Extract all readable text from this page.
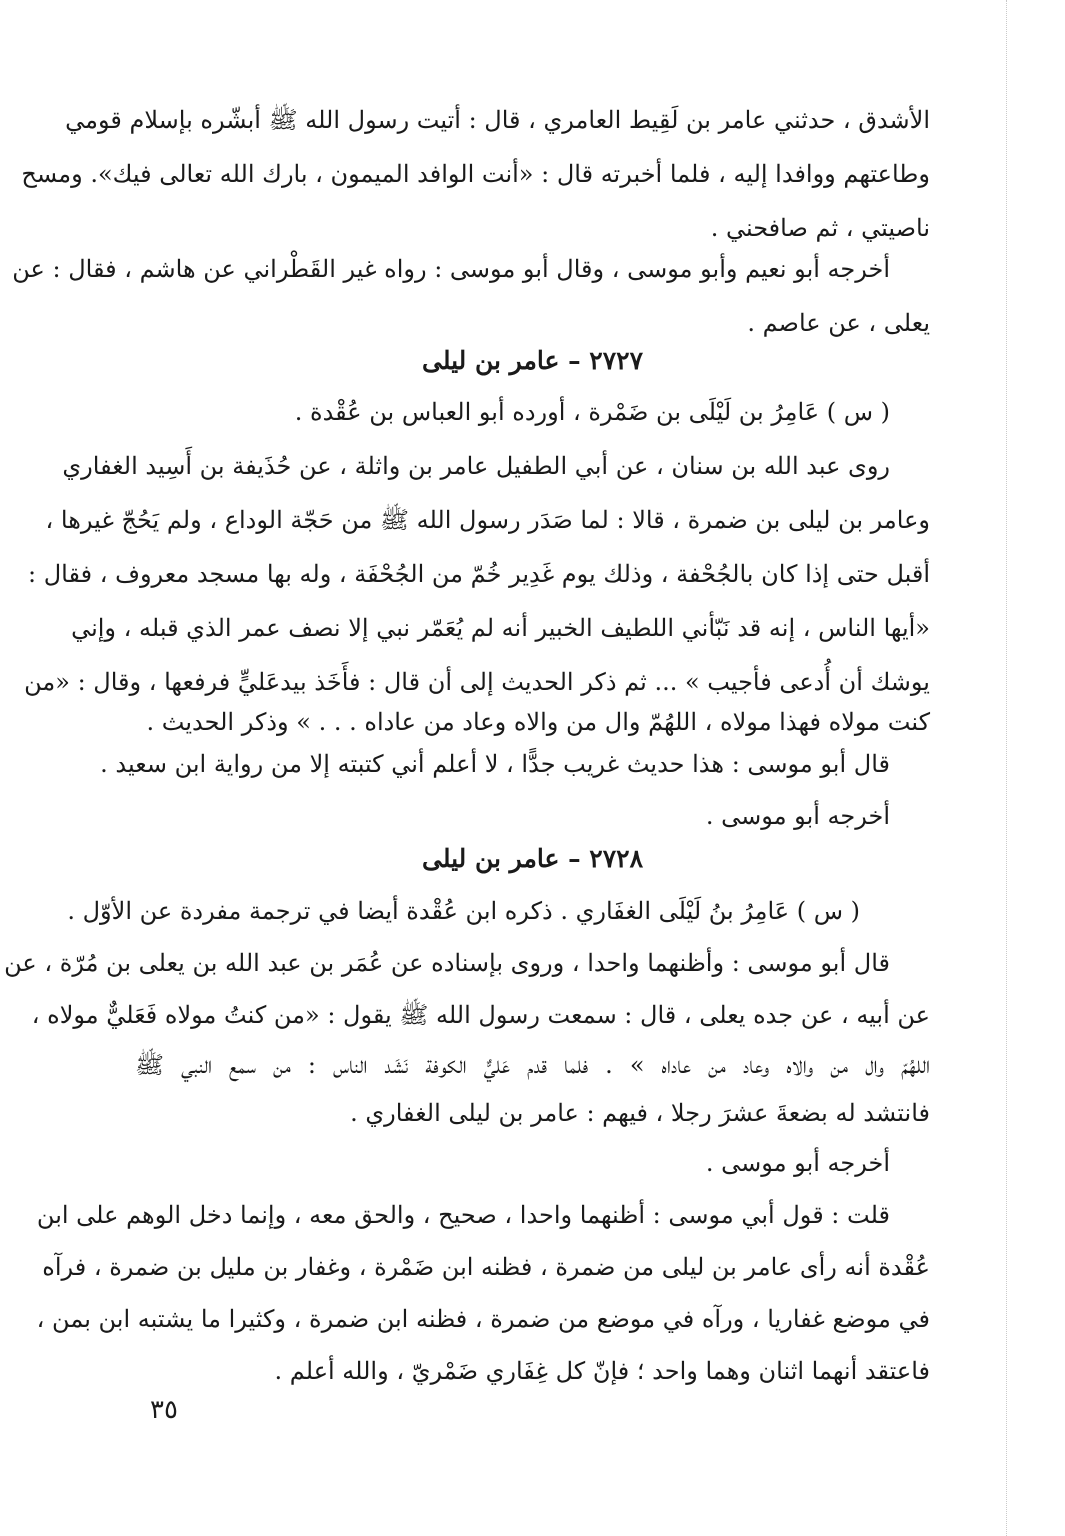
الأشدق ، حدثني عامر بن لَقِيط العامري ، قال : أتيت رسول الله ﷺ أبشّره بإسلام قومي
وطاعتهم ووافدا إليه ، فلما أخبرته قال : «أنت الوافد الميمون ، بارك الله تعالى فيك». ومسح
ناصيتي ، ثم صافحني .
أخرجه أبو نعيم وأبو موسى ، وقال أبو موسى : رواه غير القَطْراني عن هاشم ، فقال : عن
يعلى ، عن عاصم .
٢٧٢٧ – عامر بن ليلى
( س ) عَامِرُ بن لَيْلَى بن ضَمْرة ، أورده أبو العباس بن عُقْدة .
روى عبد الله بن سنان ، عن أبي الطفيل عامر بن واثلة ، عن حُذَيفة بن أَسِيد الغفاري
وعامر بن ليلى بن ضمرة ، قالا : لما صَدَر رسول الله ﷺ من حَجّة الوداع ، ولم يَحُجّ غيرها ،
أقبل حتى إذا كان بالجُحْفة ، وذلك يوم غَدِير خُمّ من الجُحْفَة ، وله بها مسجد معروف ، فقال :
«أيها الناس ، إنه قد نَبّأني اللطيف الخبير أنه لم يُعَمّر نبي إلا نصف عمر الذي قبله ، وإني
يوشك أن أُدعى فأجيب » ... ثم ذكر الحديث إلى أن قال : فأَخَذ بيدعَليٍّ فرفعها ، وقال : «من
كنت مولاه فهذا مولاه ، اللهُمّ وال من والاه وعاد من عاداه . . . » وذكر الحديث .
قال أبو موسى : هذا حديث غريب جدًّا ، لا أعلم أني كتبته إلا من رواية ابن سعيد .
أخرجه أبو موسى .
٢٧٢٨ – عامر بن ليلى
( س ) عَامِرُ بنُ لَيْلَى الغفَاري . ذكره ابن عُقْدة أيضا في ترجمة مفردة عن الأوّل .
قال أبو موسى : وأظنهما واحدا ، وروى بإسناده عن عُمَر بن عبد الله بن يعلى بن مُرّة ، عن
عن أبيه ، عن جده يعلى ، قال : سمعت رسول الله ﷺ يقول : «من كنتُ مولاه فَعَليٌّ مولاه ،
اللهُمّ وال من والاه وعاد من عاداه » . فلما قدم عَليٌّ الكوفة نَشَد الناس : من سمع النبي ﷺ
فانتشد له بضعةَ عشرَ رجلا ، فيهم : عامر بن ليلى الغفاري .
أخرجه أبو موسى .
قلت : قول أبي موسى : أظنهما واحدا ، صحيح ، والحق معه ، وإنما دخل الوهم على ابن
عُقْدة أنه رأى عامر بن ليلى من ضمرة ، فظنه ابن ضَمْرة ، وغفار بن مليل بن ضمرة ، فرآه
في موضع غفاريا ، ورآه في موضع من ضمرة ، فظنه ابن ضمرة ، وكثيرا ما يشتبه ابن بمن ،
فاعتقد أنهما اثنان وهما واحد ؛ فإنّ كل غِفَاري ضَمْريّ ، والله أعلم .
٣٥
